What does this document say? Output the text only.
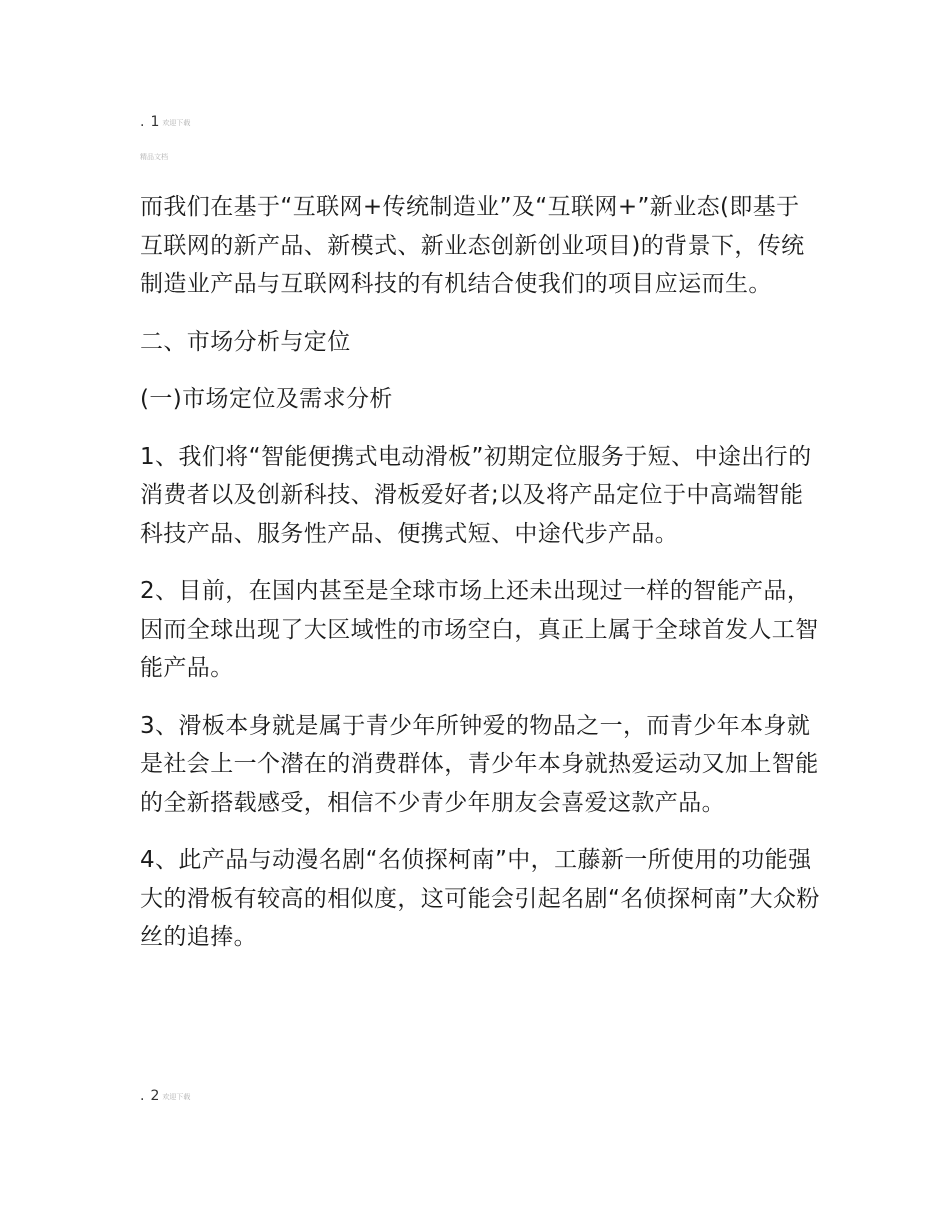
. 1 欢迎下载
精品文档

而我们在基于“互联网+传统制造业”及“互联网+”新业态(即基于互联网的新产品、新模式、新业态创新创业项目)的背景下，传统制造业产品与互联网科技的有机结合使我们的项目应运而生。

二、市场分析与定位

(一)市场定位及需求分析

1、我们将“智能便携式电动滑板”初期定位服务于短、中途出行的消费者以及创新科技、滑板爱好者;以及将产品定位于中高端智能科技产品、服务性产品、便携式短、中途代步产品。

2、目前，在国内甚至是全球市场上还未出现过一样的智能产品，因而全球出现了大区域性的市场空白，真正上属于全球首发人工智能产品。

3、滑板本身就是属于青少年所钟爱的物品之一，而青少年本身就是社会上一个潜在的消费群体，青少年本身就热爱运动又加上智能的全新搭载感受，相信不少青少年朋友会喜爱这款产品。

4、此产品与动漫名剧“名侦探柯南”中，工藤新一所使用的功能强大的滑板有较高的相似度，这可能会引起名剧“名侦探柯南”大众粉丝的追捧。

. 2 欢迎下载
